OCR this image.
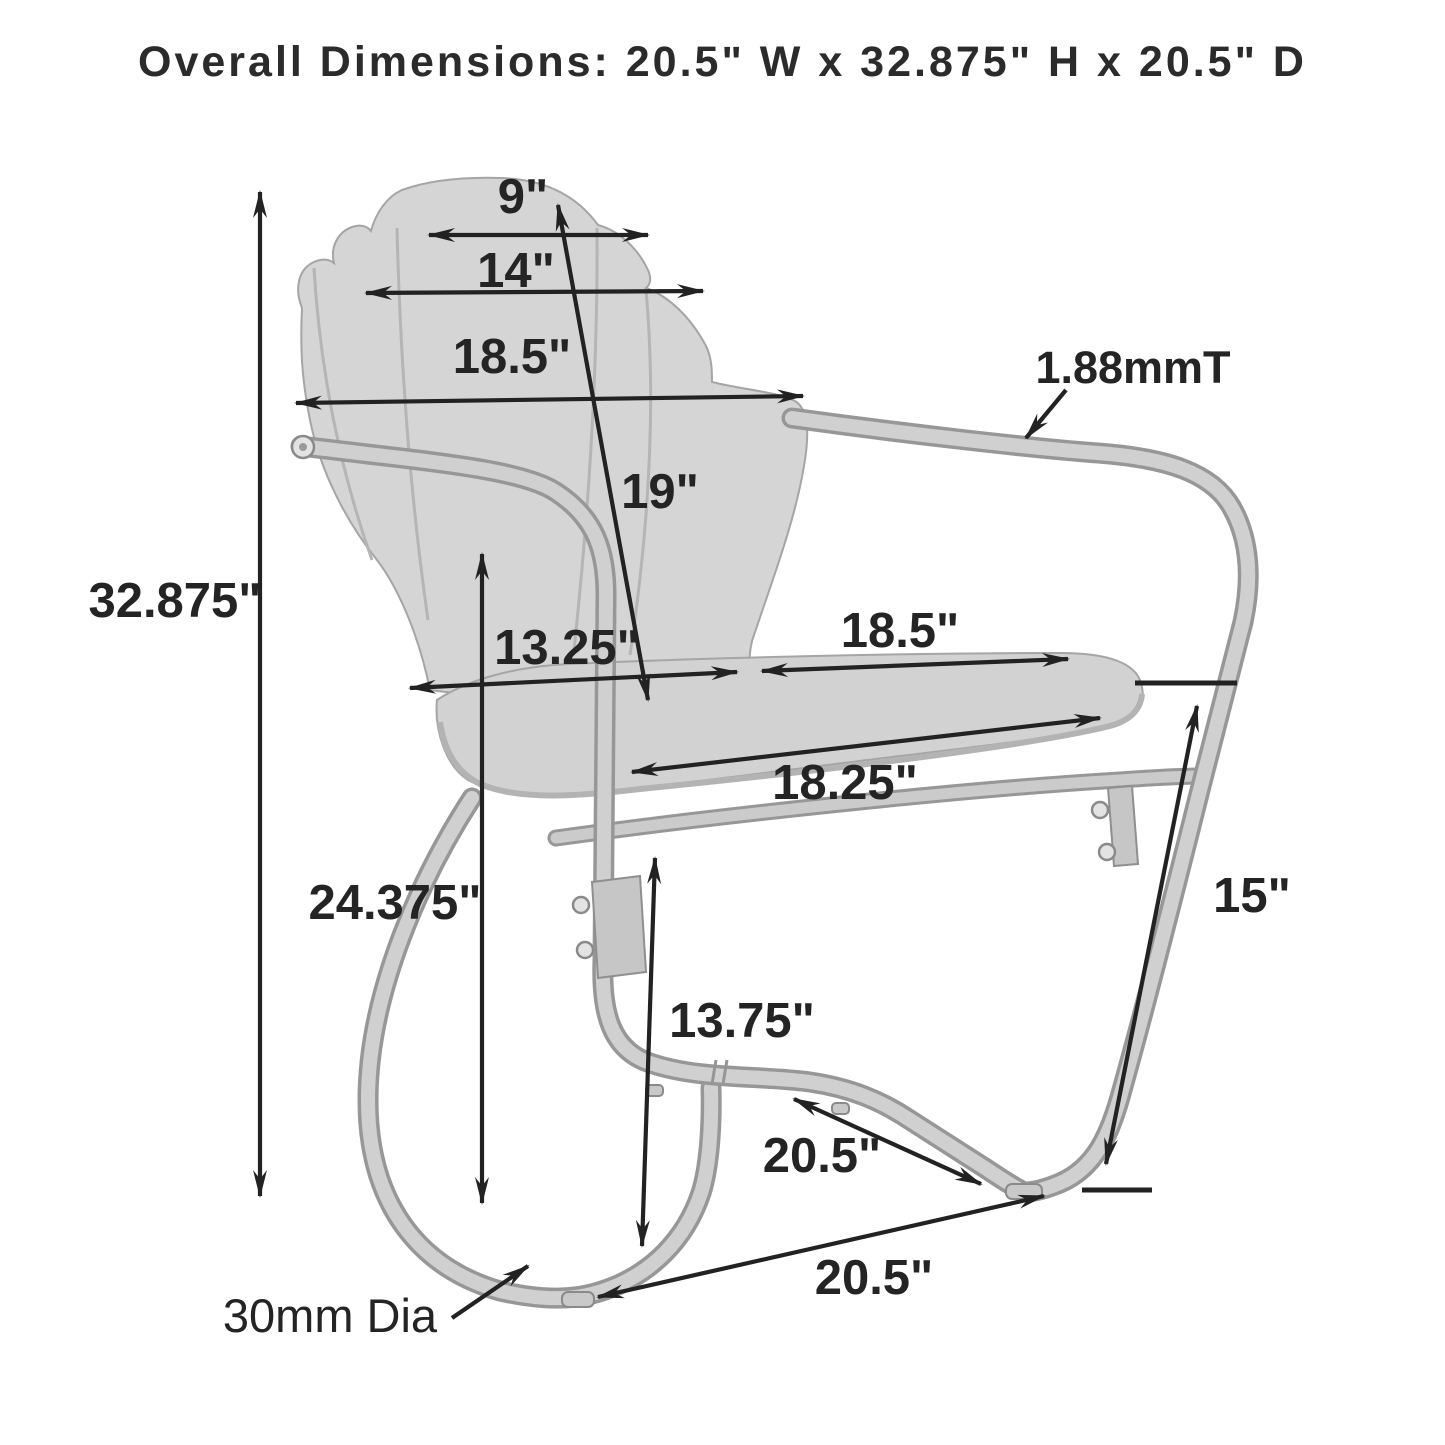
Overall Dimensions: 20.5" W x 32.875" H x 20.5" D
9"
14"
18.5"
19"
1.88mmT
13.25"	18.5"
18.25"
32.875"
24.375"
13.75"
15"
20.5"
20.5"
30mm Dia
